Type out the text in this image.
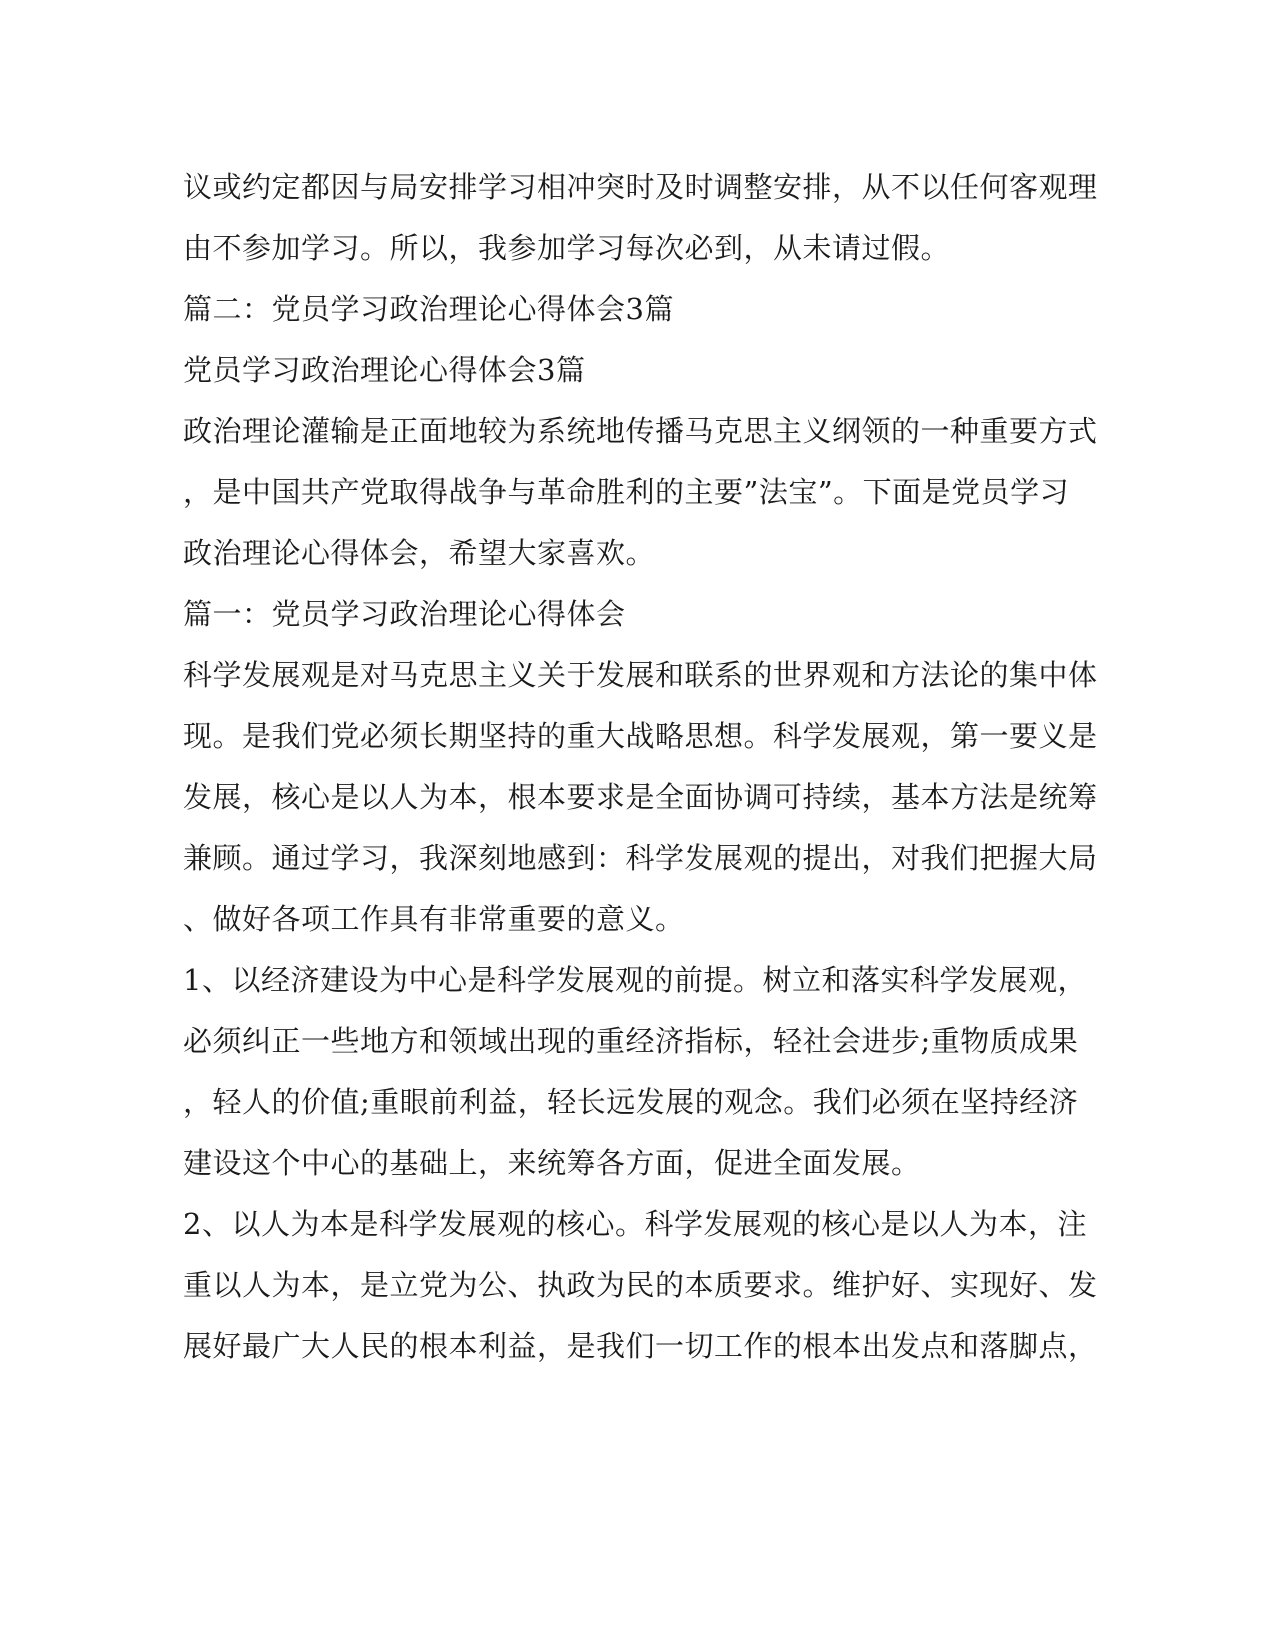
议或约定都因与局安排学习相冲突时及时调整安排，从不以任何客观理
由不参加学习。所以，我参加学习每次必到，从未请过假。
篇二：党员学习政治理论心得体会3篇
党员学习政治理论心得体会3篇
政治理论灌输是正面地较为系统地传播马克思主义纲领的一种重要方式
，是中国共产党取得战争与革命胜利的主要”法宝”。下面是党员学习
政治理论心得体会，希望大家喜欢。
篇一：党员学习政治理论心得体会
科学发展观是对马克思主义关于发展和联系的世界观和方法论的集中体
现。是我们党必须长期坚持的重大战略思想。科学发展观，第一要义是
发展，核心是以人为本，根本要求是全面协调可持续，基本方法是统筹
兼顾。通过学习，我深刻地感到：科学发展观的提出，对我们把握大局
、做好各项工作具有非常重要的意义。
1、以经济建设为中心是科学发展观的前提。树立和落实科学发展观，
必须纠正一些地方和领域出现的重经济指标，轻社会进步;重物质成果
，轻人的价值;重眼前利益，轻长远发展的观念。我们必须在坚持经济
建设这个中心的基础上，来统筹各方面，促进全面发展。
2、以人为本是科学发展观的核心。科学发展观的核心是以人为本，注
重以人为本，是立党为公、执政为民的本质要求。维护好、实现好、发
展好最广大人民的根本利益，是我们一切工作的根本出发点和落脚点，
